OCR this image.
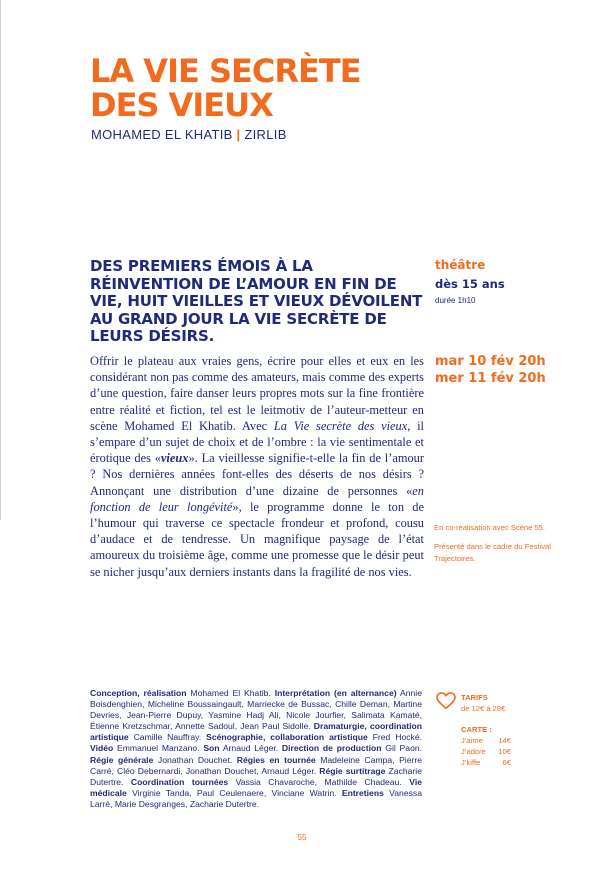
LA VIE SECRÈTE
DES VIEUX
MOHAMED EL KHATIB | ZIRLIB

DES PREMIERS ÉMOIS À LA RÉINVENTION DE L’AMOUR EN FIN DE VIE, HUIT VIEILLES ET VIEUX DÉVOILENT AU GRAND JOUR LA VIE SECRÈTE DE LEURS DÉSIRS.

Offrir le plateau aux vraies gens, écrire pour elles et eux en les considérant non pas comme des amateurs, mais comme des experts d’une question, faire danser leurs propres mots sur la fine frontière entre réalité et fiction, tel est le leitmotiv de l’auteur-metteur en scène Mohamed El Khatib. Avec La Vie secrète des vieux, il s’empare d’un sujet de choix et de l’ombre : la vie sentimentale et érotique des «vieux». La vieillesse signifie-t-elle la fin de l’amour ? Nos dernières années font-elles des déserts de nos désirs ? Annonçant une distribution d’une dizaine de personnes «en fonction de leur longévité», le programme donne le ton de l’humour qui traverse ce spectacle frondeur et profond, cousu d’audace et de tendresse. Un magnifique paysage de l’état amoureux du troisième âge, comme une promesse que le désir peut se nicher jusqu’aux derniers instants dans la fragilité de nos vies.

théâtre
dès 15 ans
durée 1h10
mar 10 fév 20h
mer 11 fév 20h

En co-réalisation avec Scène 55.

Présenté dans le cadre du Festival Trajectoires.

Conception, réalisation Mohamed El Khatib. Interprétation (en alternance) Annie Boisdenghien, Micheline Boussaingault, Marriecke de Bussac, Chille Deman, Martine Devries, Jean-Pierre Dupuy, Yasmine Hadj Ali, Nicole Jourfier, Salimata Kamaté, Étienne Kretzschmar, Annette Sadoul, Jean Paul Sidolle. Dramaturgie, coordination artistique Camille Nauffray. Scénographie, collaboration artistique Fred Hocké. Vidéo Emmanuel Manzano. Son Arnaud Léger. Direction de production Gil Paon. Régie générale Jonathan Douchet. Régies en tournée Madeleine Campa, Pierre Carré, Cléo Debernardi, Jonathan Douchet, Arnaud Léger. Régie surtitrage Zacharie Dutertre. Coordination tournées Vassia Chavaroche, Mathilde Chadeau. Vie médicale Virginie Tanda, Paul Ceulenaere, Vinciane Watrin. Entretiens Vanessa Larré, Marie Desgranges, Zacharie Dutertre.

TARIFS
de 12€ à 28€
CARTE :
J’aime 14€
J’adore 10€
J’kiffe	6€
55
